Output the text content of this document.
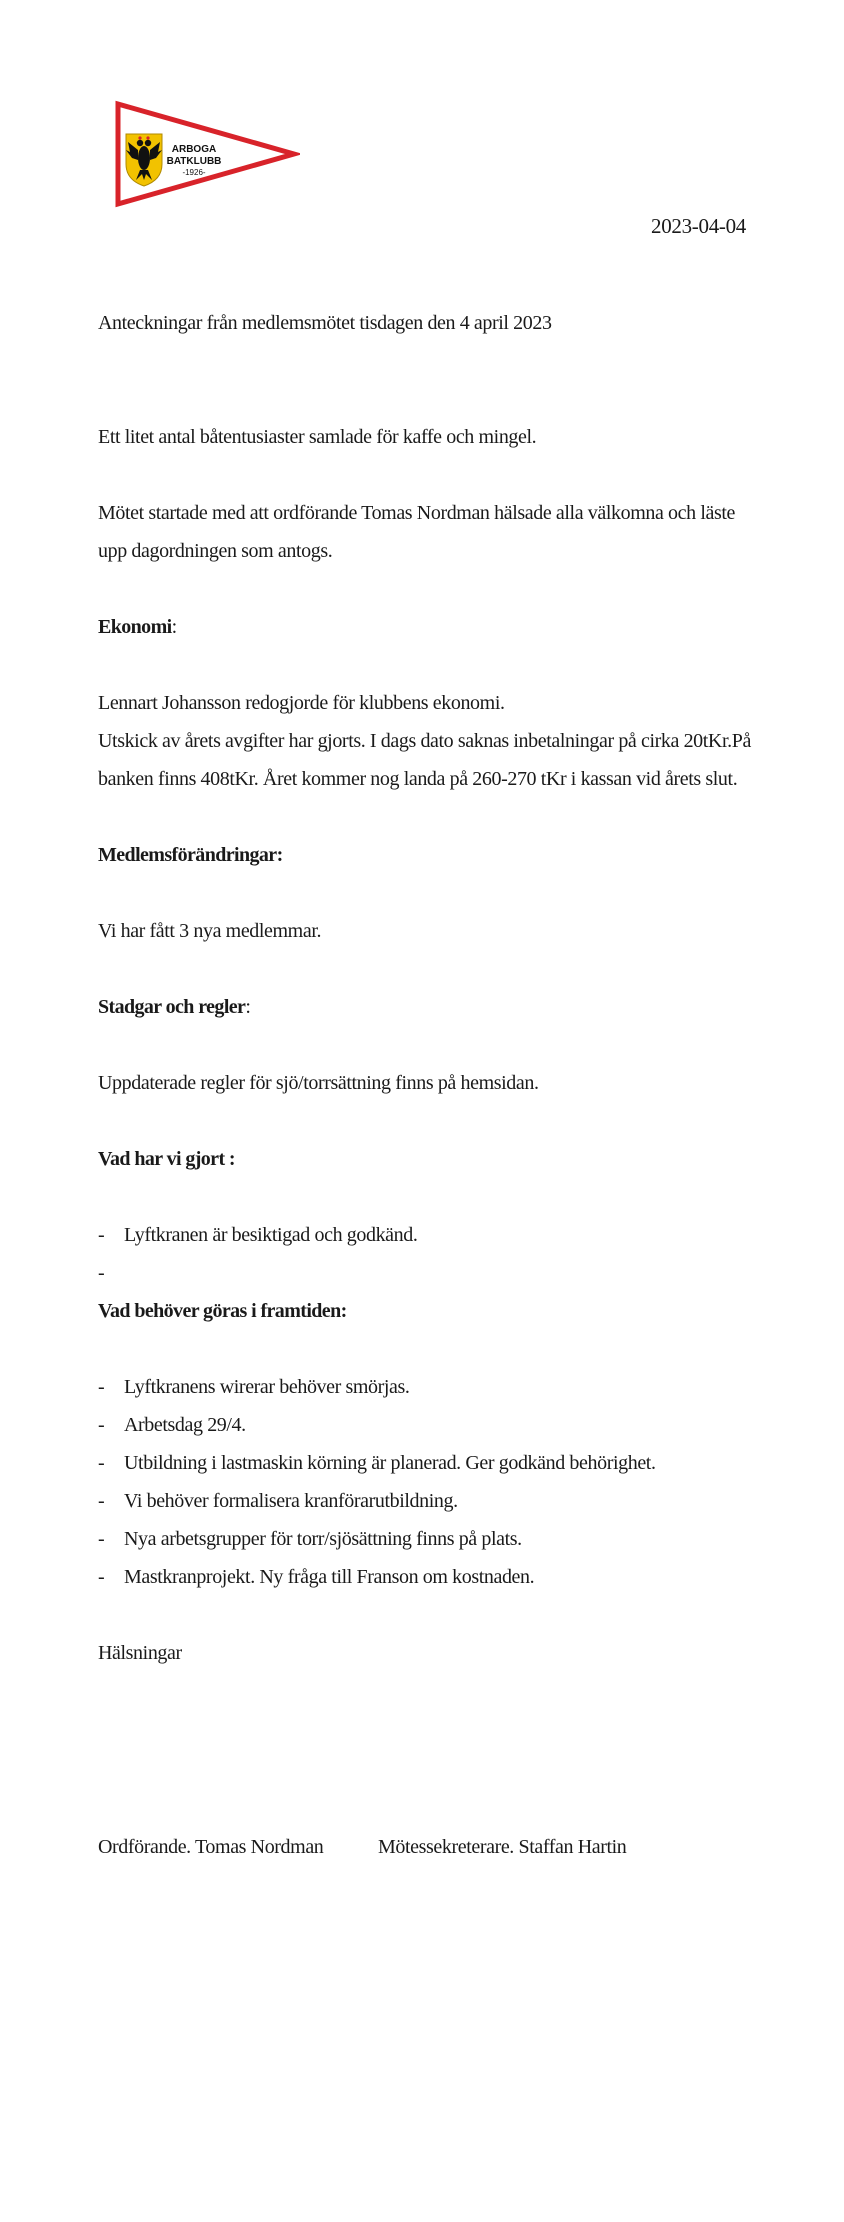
ARBOGA
BATKLUBB
-1926-
2023-04-04

Anteckningar från medlemsmötet tisdagen den 4 april 2023

Ett litet antal båtentusiaster samlade för kaffe och mingel.

Mötet startade med att ordförande Tomas Nordman hälsade alla välkomna och läste upp dagordningen som antogs.

Ekonomi:

Lennart Johansson redogjorde för klubbens ekonomi.

Utskick av årets avgifter har gjorts. I dags dato saknas inbetalningar på cirka 20tKr.På banken finns 408tKr. Året kommer nog landa på 260-270 tKr i kassan vid årets slut.

Medlemsförändringar:

Vi har fått 3 nya medlemmar.

Stadgar och regler:

Uppdaterade regler för sjö/torrsättning finns på hemsidan.

Vad har vi gjort :

- Lyftkranen är besiktigad och godkänd.
-

Vad behöver göras i framtiden:

- Lyftkranens wirerar behöver smörjas.
- Arbetsdag 29/4.
- Utbildning i lastmaskin körning är planerad. Ger godkänd behörighet.
- Vi behöver formalisera kranförarutbildning.
- Nya arbetsgrupper för torr/sjösättning finns på plats.
- Mastkranprojekt. Ny fråga till Franson om kostnaden.

Hälsningar

Ordförande. Tomas Nordman	Mötessekreterare. Staffan Hartin
